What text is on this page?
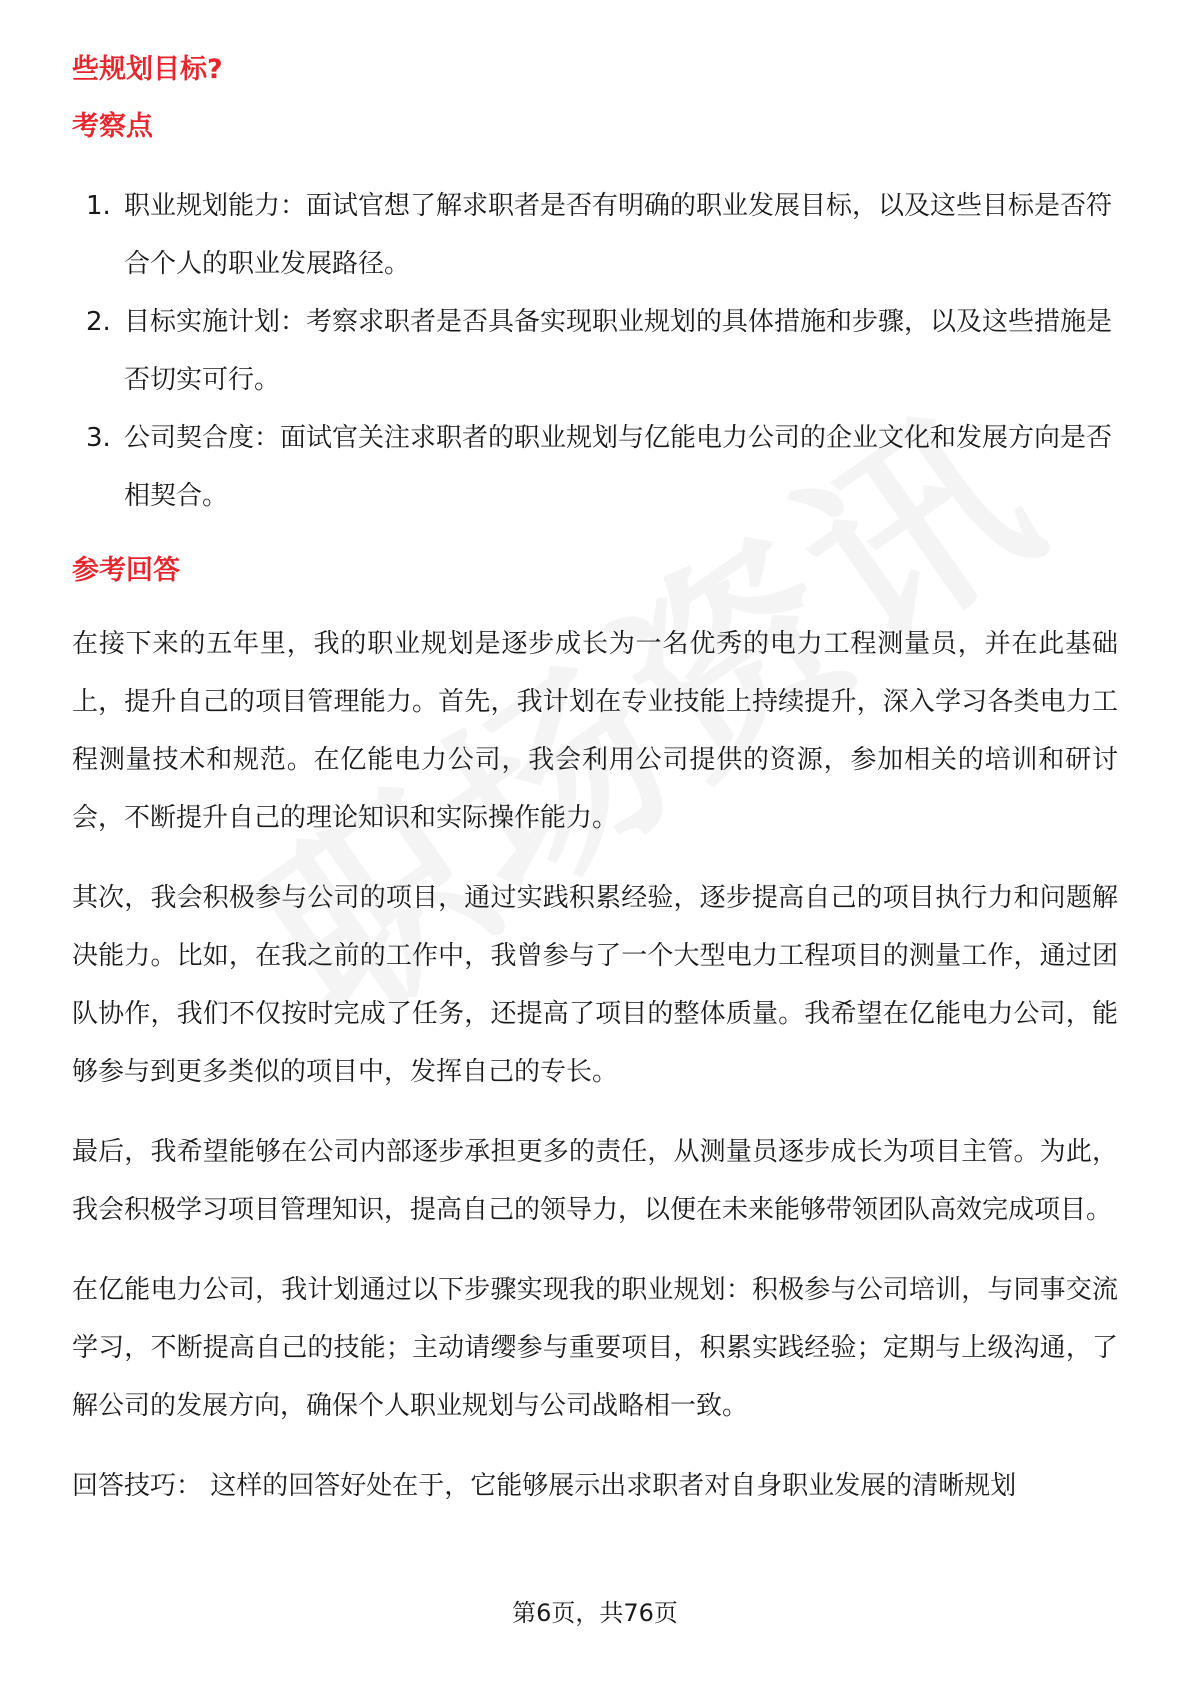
些规划目标?
考察点
1. 职业规划能力：面试官想了解求职者是否有明确的职业发展目标，以及这些目标是否符合个人的职业发展路径。
2. 目标实施计划：考察求职者是否具备实现职业规划的具体措施和步骤，以及这些措施是否切实可行。
3. 公司契合度：面试官关注求职者的职业规划与亿能电力公司的企业文化和发展方向是否相契合。
参考回答

在接下来的五年里，我的职业规划是逐步成长为一名优秀的电力工程测量员，并在此基础上，提升自己的项目管理能力。首先，我计划在专业技能上持续提升，深入学习各类电力工程测量技术和规范。在亿能电力公司，我会利用公司提供的资源，参加相关的培训和研讨会，不断提升自己的理论知识和实际操作能力。

其次，我会积极参与公司的项目，通过实践积累经验，逐步提高自己的项目执行力和问题解决能力。比如，在我之前的工作中，我曾参与了一个大型电力工程项目的测量工作，通过团队协作，我们不仅按时完成了任务，还提高了项目的整体质量。我希望在亿能电力公司，能够参与到更多类似的项目中，发挥自己的专长。

最后，我希望能够在公司内部逐步承担更多的责任，从测量员逐步成长为项目主管。为此，我会积极学习项目管理知识，提高自己的领导力，以便在未来能够带领团队高效完成项目。

在亿能电力公司，我计划通过以下步骤实现我的职业规划：积极参与公司培训，与同事交流学习，不断提高自己的技能；主动请缨参与重要项目，积累实践经验；定期与上级沟通，了解公司的发展方向，确保个人职业规划与公司战略相一致。

回答技巧： 这样的回答好处在于，它能够展示出求职者对自身职业发展的清晰规划

第6页，共76页
